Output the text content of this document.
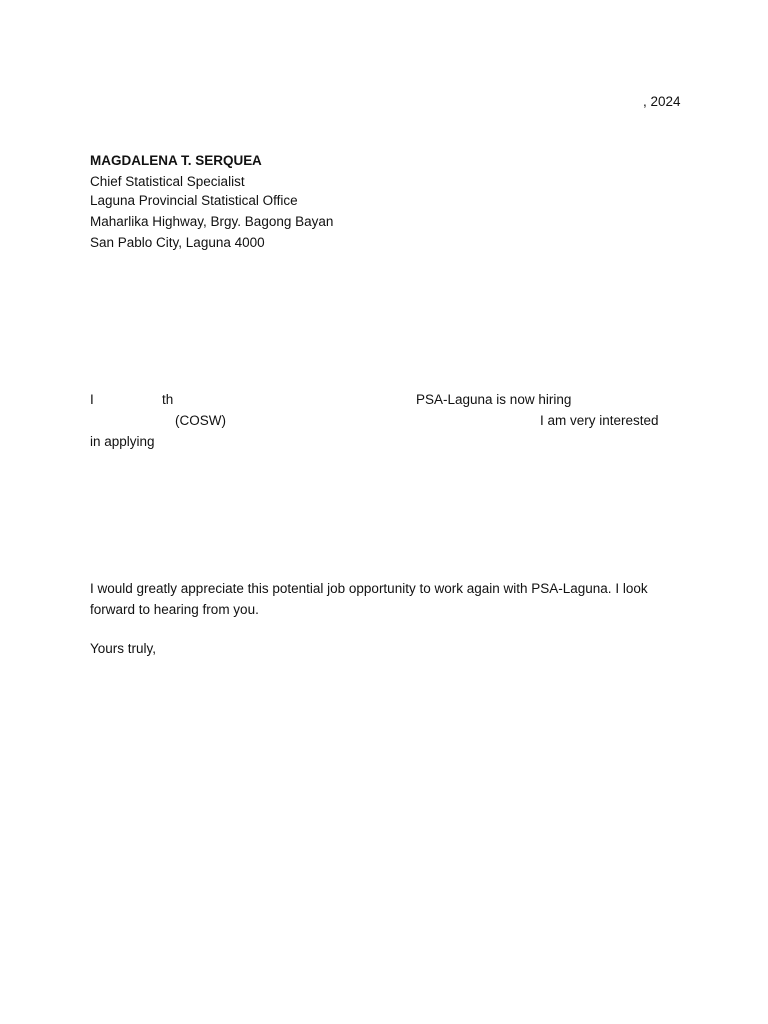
, 2024
MAGDALENA T. SERQUE A
Chief Statistical Specialist
Laguna Provincial Statistical Office
Maharlika Highway, Brgy. Bagong Bayan
San Pablo City, Laguna 4000
I	th	PSA-Laguna is now hiring
(COSW)	I am very interested
in applying
I would greatly appreciate this potential job opportunity to work again with PSA-Laguna. I look
forward to hearing from you.
Yours truly,
